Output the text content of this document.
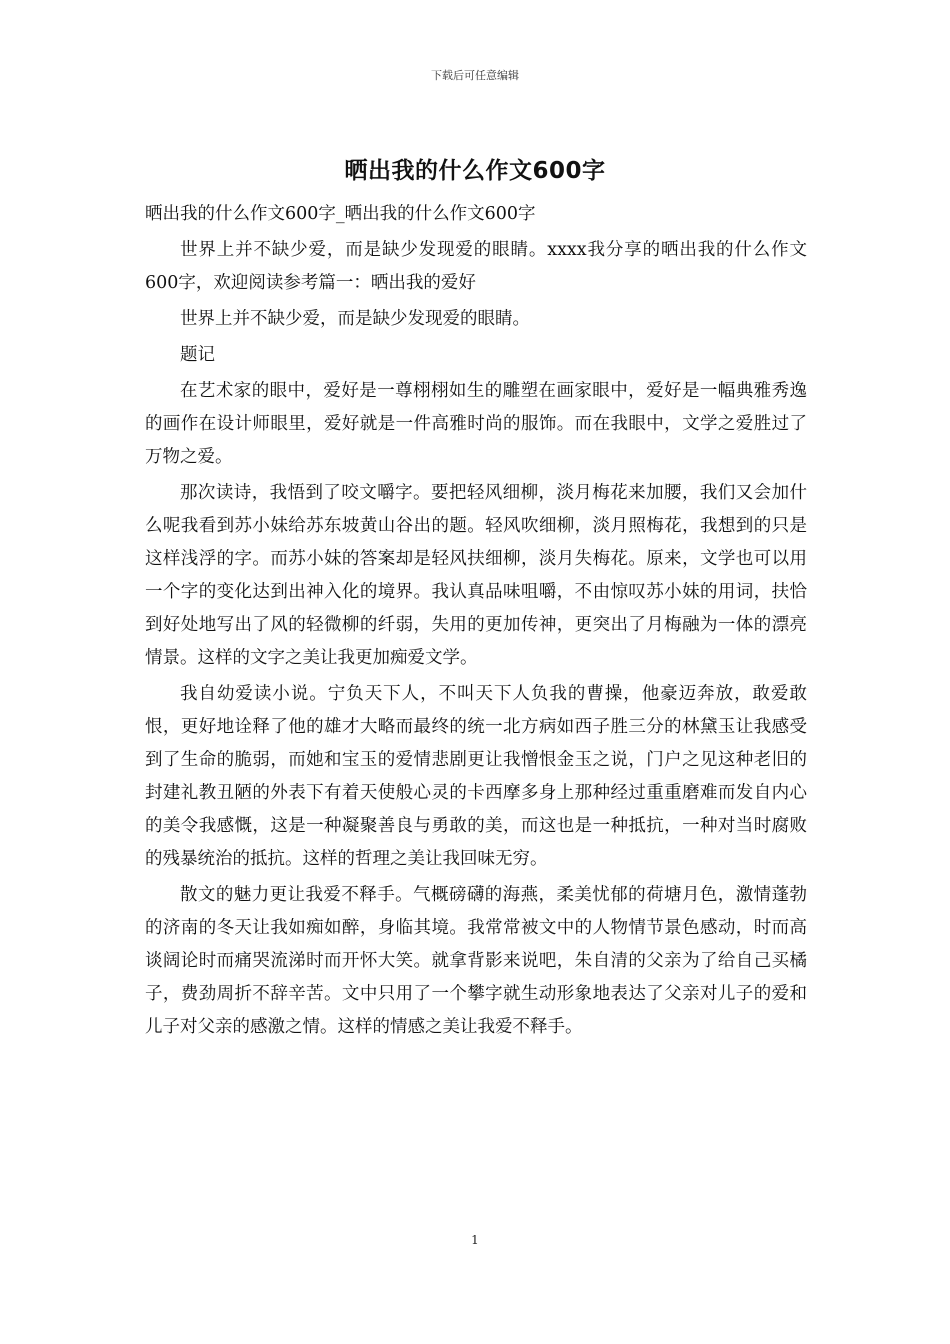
下载后可任意编辑
晒出我的什么作文600字

晒出我的什么作文600字_晒出我的什么作文600字

世界上并不缺少爱，而是缺少发现爱的眼睛。xxxx我分享的晒出我的什么作文600字，欢迎阅读参考篇一：晒出我的爱好

世界上并不缺少爱，而是缺少发现爱的眼睛。

题记

在艺术家的眼中，爱好是一尊栩栩如生的雕塑在画家眼中，爱好是一幅典雅秀逸的画作在设计师眼里，爱好就是一件高雅时尚的服饰。而在我眼中，文学之爱胜过了万物之爱。

那次读诗，我悟到了咬文嚼字。要把轻风细柳，淡月梅花来加腰，我们又会加什么呢我看到苏小妹给苏东坡黄山谷出的题。轻风吹细柳，淡月照梅花，我想到的只是这样浅浮的字。而苏小妹的答案却是轻风扶细柳，淡月失梅花。原来，文学也可以用一个字的变化达到出神入化的境界。我认真品味咀嚼，不由惊叹苏小妹的用词，扶恰到好处地写出了风的轻微柳的纤弱，失用的更加传神，更突出了月梅融为一体的漂亮情景。这样的文字之美让我更加痴爱文学。

我自幼爱读小说。宁负天下人，不叫天下人负我的曹操，他豪迈奔放，敢爱敢恨，更好地诠释了他的雄才大略而最终的统一北方病如西子胜三分的林黛玉让我感受到了生命的脆弱，而她和宝玉的爱情悲剧更让我憎恨金玉之说，门户之见这种老旧的封建礼教丑陋的外表下有着天使般心灵的卡西摩多身上那种经过重重磨难而发自内心的美令我感慨，这是一种凝聚善良与勇敢的美，而这也是一种抵抗，一种对当时腐败的残暴统治的抵抗。这样的哲理之美让我回味无穷。

散文的魅力更让我爱不释手。气概磅礴的海燕，柔美忧郁的荷塘月色，激情蓬勃的济南的冬天让我如痴如醉，身临其境。我常常被文中的人物情节景色感动，时而高谈阔论时而痛哭流涕时而开怀大笑。就拿背影来说吧，朱自清的父亲为了给自己买橘子，费劲周折不辞辛苦。文中只用了一个攀字就生动形象地表达了父亲对儿子的爱和儿子对父亲的感激之情。这样的情感之美让我爱不释手。

1
